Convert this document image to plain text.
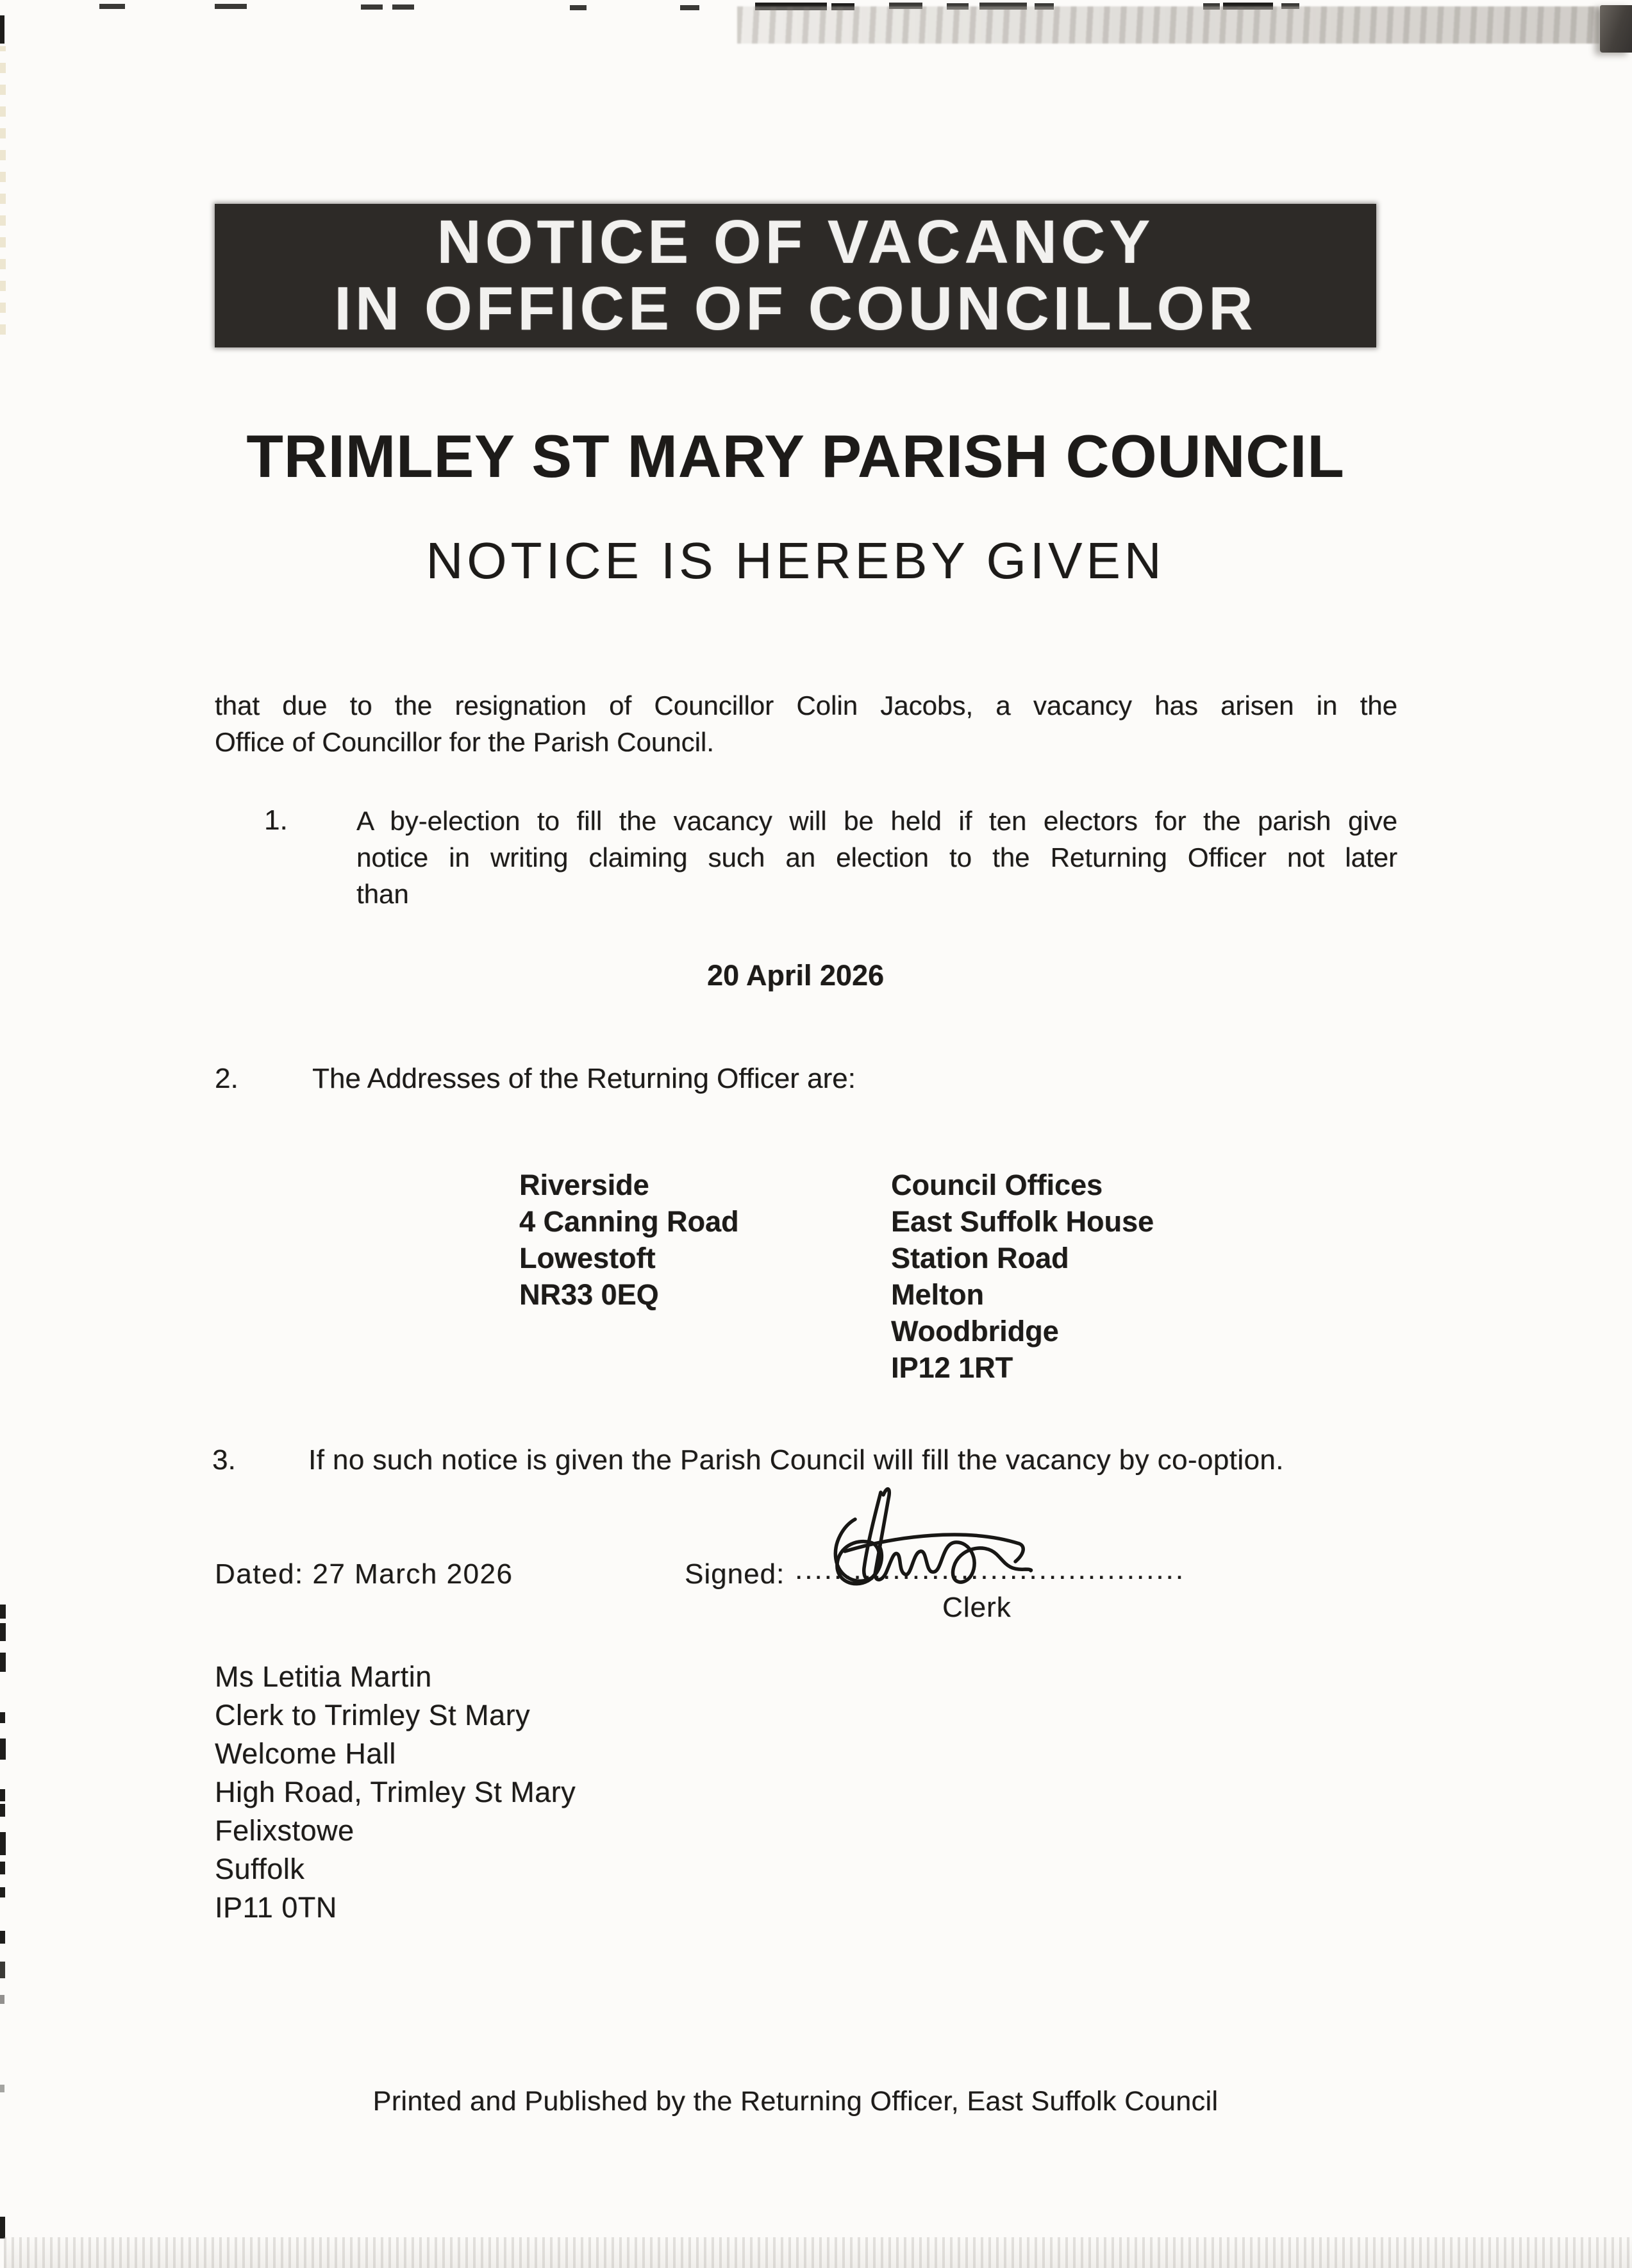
NOTICE OF VACANCY
IN OFFICE OF COUNCILLOR
TRIMLEY ST MARY PARISH COUNCIL
NOTICE IS HEREBY GIVEN

that due to the resignation of Councillor Colin Jacobs, a vacancy has arisen in the
Office of Councillor for the Parish Council.

1.	A by-election to fill the vacancy will be held if ten electors for the parish give
notice in writing claiming such an election to the Returning Officer not later
than

20 April 2026
2.	The Addresses of the Returning Officer are:
Riverside
4 Canning Road
Lowestoft
NR33 0EQ
Council Offices
East Suffolk House
Station Road
Melton
Woodbridge
IP12 1RT
3.	If no such notice is given the Parish Council will fill the vacancy by co-option.
Dated: 27 March 2026	Signed: ........................................
Clerk
Ms Letitia Martin
Clerk to Trimley St Mary
Welcome Hall
High Road, Trimley St Mary
Felixstowe
Suffolk
IP11 0TN
Printed and Published by the Returning Officer, East Suffolk Council
